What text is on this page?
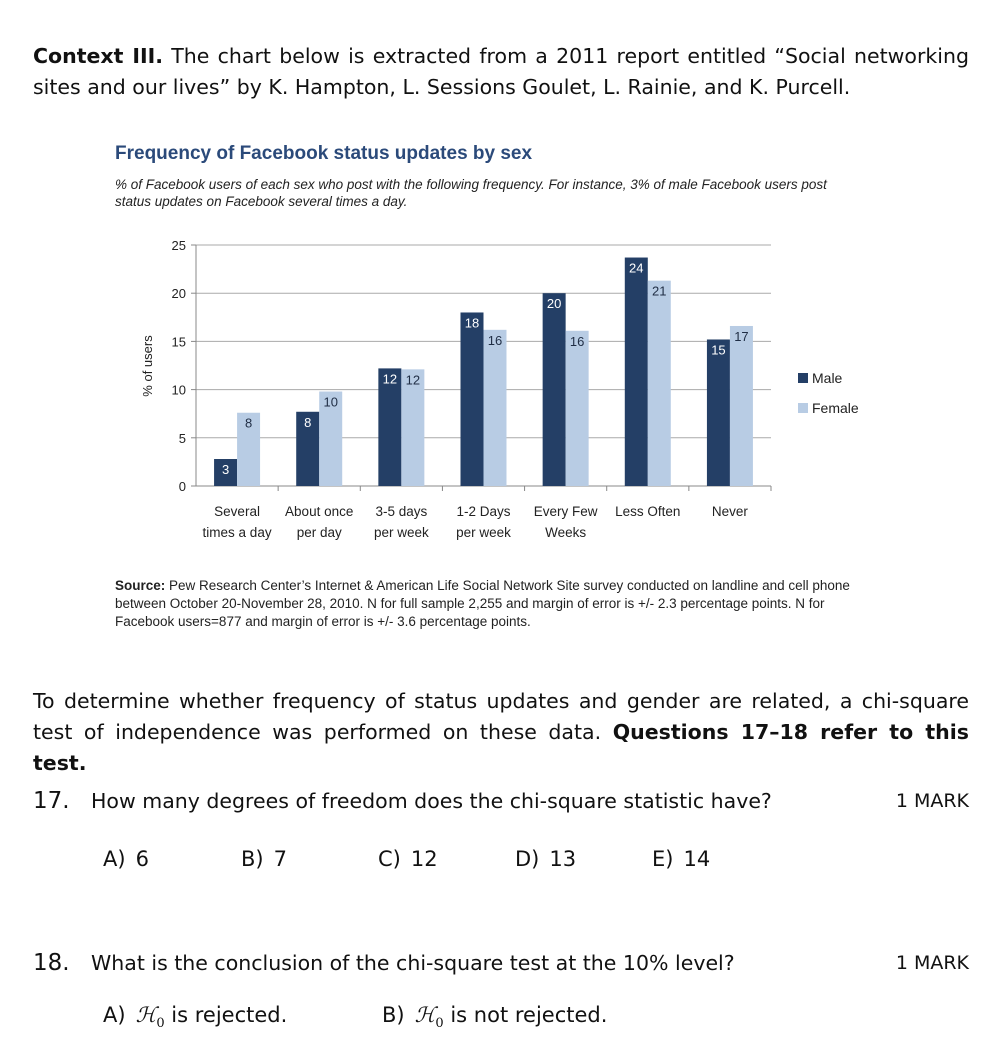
Context III. The chart below is extracted from a 2011 report entitled “Social networking sites and our lives” by K. Hampton, L. Sessions Goulet, L. Rainie, and K. Purcell.
Frequency of Facebook status updates by sex
% of Facebook users of each sex who post with the following frequency. For instance, 3% of male Facebook users post status updates on Facebook several times a day.
0
5
10
15
20
25
% of users
3
8
Several
times a day
8
10
About once
per day
12 12
3-5 days
per week
18
16
1-2 Days
per week
20
16
Every Few
Weeks
24
21
Less Often
15
17
Never
Male
Female
Source: Pew Research Center’s Internet & American Life Social Network Site survey conducted on landline and cell phone between October 20-November 28, 2010. N for full sample 2,255 and margin of error is +/- 2.3 percentage points. N for Facebook users=877 and margin of error is +/- 3.6 percentage points.
To determine whether frequency of status updates and gender are related, a chi-square test of independence was performed on these data. Questions 17–18 refer to this test.
17. How many degrees of freedom does the chi-square statistic have?	1 MARK
A) 6	B) 7	C) 12	D) 13	E) 14
18. What is the conclusion of the chi-square test at the 10% level?	1 MARK
A) ℋ$_0$ is rejected.	B) ℋ$_0$ is not rejected.
